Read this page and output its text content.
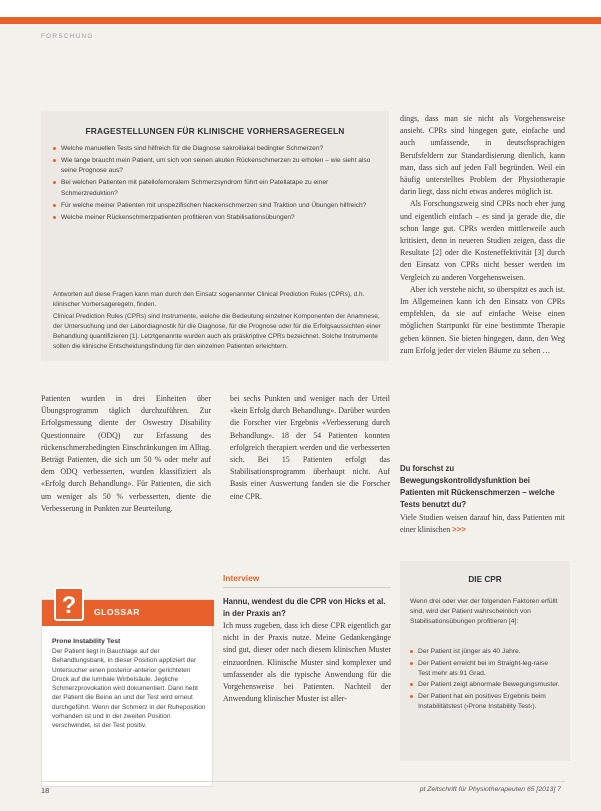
FORSCHUNG
FRAGESTELLUNGEN FÜR KLINISCHE VORHERSAGEREGELN
Welche manuellen Tests sind hilfreich für die Diagnose sakroiliakal bedingter Schmerzen?
Wie lange braucht mein Patient, um sich von seinen akuten Rückenschmerzen zu erholen – wie sieht also seine Prognose aus?
Bei welchen Patienten mit patellofemoralem Schmerzsyndrom führt ein Patellatape zu einer Schmerzreduktion?
Für welche meiner Patienten mit unspezifischen Nackenschmerzen sind Traktion und Übungen hilfreich?
Welche meiner Rückenschmerzpatienten profitieren von Stabilisationsübungen?

Antworten auf diese Fragen kann man durch den Einsatz sogenannter Clinical Prediction Rules (CPRs), d.h. klinischer Vorhersageregeln, finden.

Clinical Prediction Rules (CPRs) sind Instrumente, welche die Bedeutung einzelner Komponenten der Anamnese, der Untersuchung und der Labordiagnostik für die Diagnose, für die Prognose oder für die Erfolgsaussichten einer Behandlung quantifizieren [1]. Letztgenannte wurden auch als präskriptive CPRs bezeichnet. Solche Instrumente sollen die klinische Entscheidungsfindung für den einzelnen Patienten erleichtern.

dings, dass man sie nicht als Vorgehensweise ansieht. CPRs sind hingegen gute, einfache und auch umfassende, in deutschsprachigen Berufsfeldern zur Standardisierung dienlich, kann man, dass sich auf jeden Fall begründen. Weil ein häufig unterstelltes Problem der Physiotherapie darin liegt, dass nicht etwas anderes möglich ist.

Als Forschungszweig sind CPRs noch eher jung und eigentlich einfach – es sind ja gerade die, die schon lange gut. CPRs werden mittlerweile auch kritisiert, denn in neueren Studien zeigen, dass die Resultate [2] oder die Kosteneffektivität [3] durch den Einsatz von CPRs nicht besser werden im Vergleich zu anderen Vorgehensweisen.

Aber ich verstehe nicht, so überspitzt es auch ist. Im Allgemeinen kann ich den Einsatz von CPRs empfehlen, da sie auf einfache Weise einen möglichen Startpunkt für eine bestimmte Therapie geben können. Sie bieten hingegen, dann, den Weg zum Erfolg jeder der vielen Bäume zu sehen …

Patienten wurden in drei Einheiten über Übungsprogramm täglich durchzuführen. Zur Erfolgsmessung diente der Oswestry Disability Questionnaire (ODQ) zur Erfassung des rückenschmerzbedingten Einschränkungen im Alltag. Beträgt Patienten, die sich um 50 % oder mehr auf dem ODQ verbesserten, wurden klassifiziert als «Erfolg durch Behandlung». Für Patienten, die sich um weniger als 50 % verbesserten, diente die Verbesserung in Punkten zur Beurteilung.
bei sechs Punkten und weniger nach der Urteil «kein Erfolg durch Behandlung». Darüber wurden die Forscher vier Ergebnis «Verbesserung durch Behandlung». 18 der 54 Patienten konnten erfolgreich therapiert werden und die verbesserten sich. Bei 15 Patienten erfolgt das Stabilisationsprogramm überhaupt nicht. Auf Basis einer Auswertung fanden sie die Forscher eine CPR.
Du forschst zu Bewegungskontrolldysfunktion bei Patienten mit Rückenschmerzen – welche Tests benutzt du?
Viele Studien weisen darauf hin, dass Patienten mit einer klinischen >>>
?	GLOSSAR
Prone Instability Test
Der Patient liegt in Bauchlage auf der Behandlungsbank, in dieser Position appliziert der Untersucher einen posterior-anterior gerichteten Druck auf die lumbale Wirbelsäule. Jegliche Schmerzprovokation wird dokumentiert. Dann hebt der Patient die Beine an und der Test wird erneut durchgeführt. Wenn der Schmerz in der Ruheposition vorhanden ist und in der zweiten Position verschwindet, ist der Test positiv.
Interview
Hannu, wendest du die CPR von Hicks et al. in der Praxis an?
Ich muss zugeben, dass ich diese CPR eigentlich gar nicht in der Praxis nutze. Meine Gedankengänge sind gut, dieser oder nach diesem klinischen Muster einzuordnen. Klinische Muster sind komplexer und umfassender als die typische Anwendung für die Vorgehensweise bei Patienten. Nachteil der Anwendung klinischer Muster ist aller-
DIE CPR
Wenn drei oder vier der folgenden Faktoren erfüllt sind, wird der Patient wahrscheinlich von Stabilisationsübungen profitieren [4]:
Der Patient ist jünger als 40 Jahre.
Der Patient erreicht bei im Straight-leg-raise Test mehr als 91 Grad.
Der Patient zeigt abnormale Bewegungsmuster.
Der Patient hat ein positives Ergebnis beim Instabilitätstest (›Prone Instability Test‹).
18	pt Zeitschrift für Physiotherapeuten 65 [2013] 7
